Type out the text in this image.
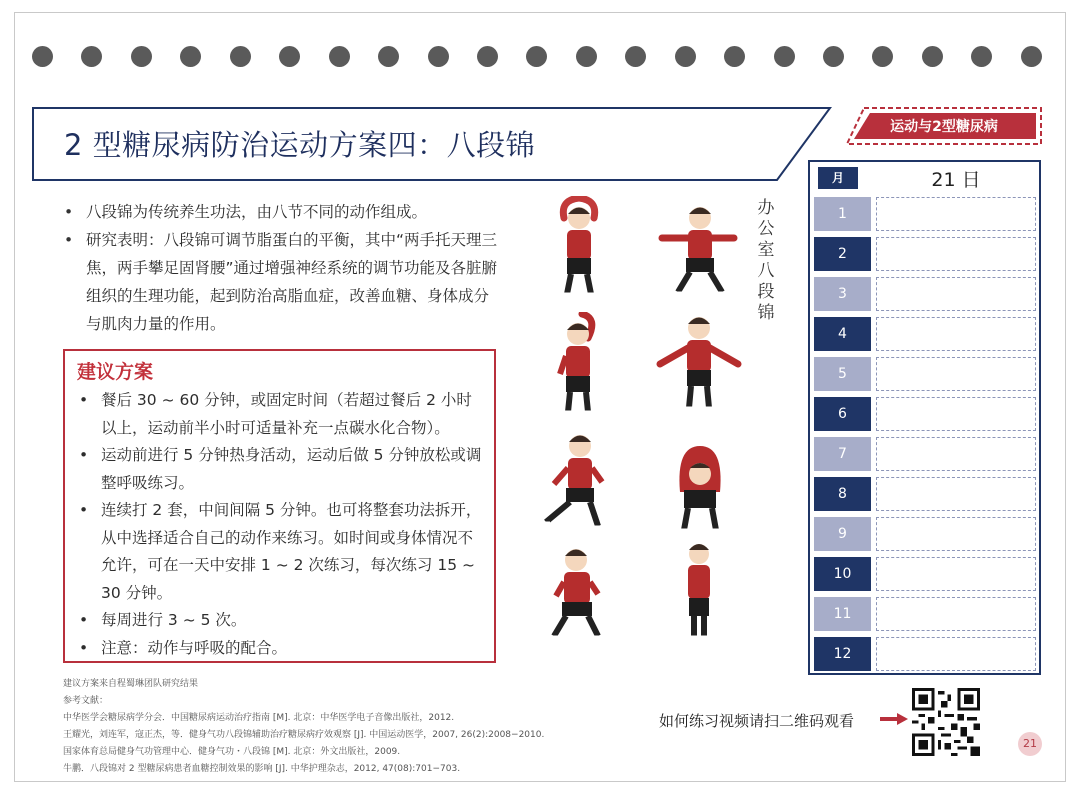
2 型糖尿病防治运动方案四：八段锦
运动与2型糖尿病
• 八段锦为传统养生功法，由八节不同的动作组成。
• 研究表明：八段锦可调节脂蛋白的平衡，其中“两手托天理三焦，两手攀足固肾腰”通过增强神经系统的调节功能及各脏腑组织的生理功能，起到防治高脂血症，改善血糖、身体成分与肌肉力量的作用。
建议方案
• 餐后 30 ~ 60 分钟，或固定时间（若超过餐后 2 小时以上，运动前半小时可适量补充一点碳水化合物）。
• 运动前进行 5 分钟热身活动，运动后做 5 分钟放松或调整呼吸练习。
• 连续打 2 套，中间间隔 5 分钟。也可将整套功法拆开，从中选择适合自己的动作来练习。如时间或身体情况不允许，可在一天中安排 1 ~ 2 次练习，每次练习 15 ~ 30 分钟。
• 每周进行 3 ~ 5 次。
• 注意：动作与呼吸的配合。
建议方案来自程蜀琳团队研究结果
参考文献：
中华医学会糖尿病学分会．中国糖尿病运动治疗指南 [M]. 北京：中华医学电子音像出版社，2012.
王耀光，刘连军，寇正杰，等．健身气功八段锦辅助治疗糖尿病疗效观察 [J]. 中国运动医学，2007, 26(2):2008−2010.
国家体育总局健身气功管理中心．健身气功・八段锦 [M]. 北京：外文出版社，2009.
牛鹏．八段锦对 2 型糖尿病患者血糖控制效果的影响 [J]. 中华护理杂志，2012, 47(08):701−703.
办
公
室
八
段
锦
月	21 日
1
2
3
4
5
6
7
8
9
10
11
12
如何练习视频请扫二维码观看
21
